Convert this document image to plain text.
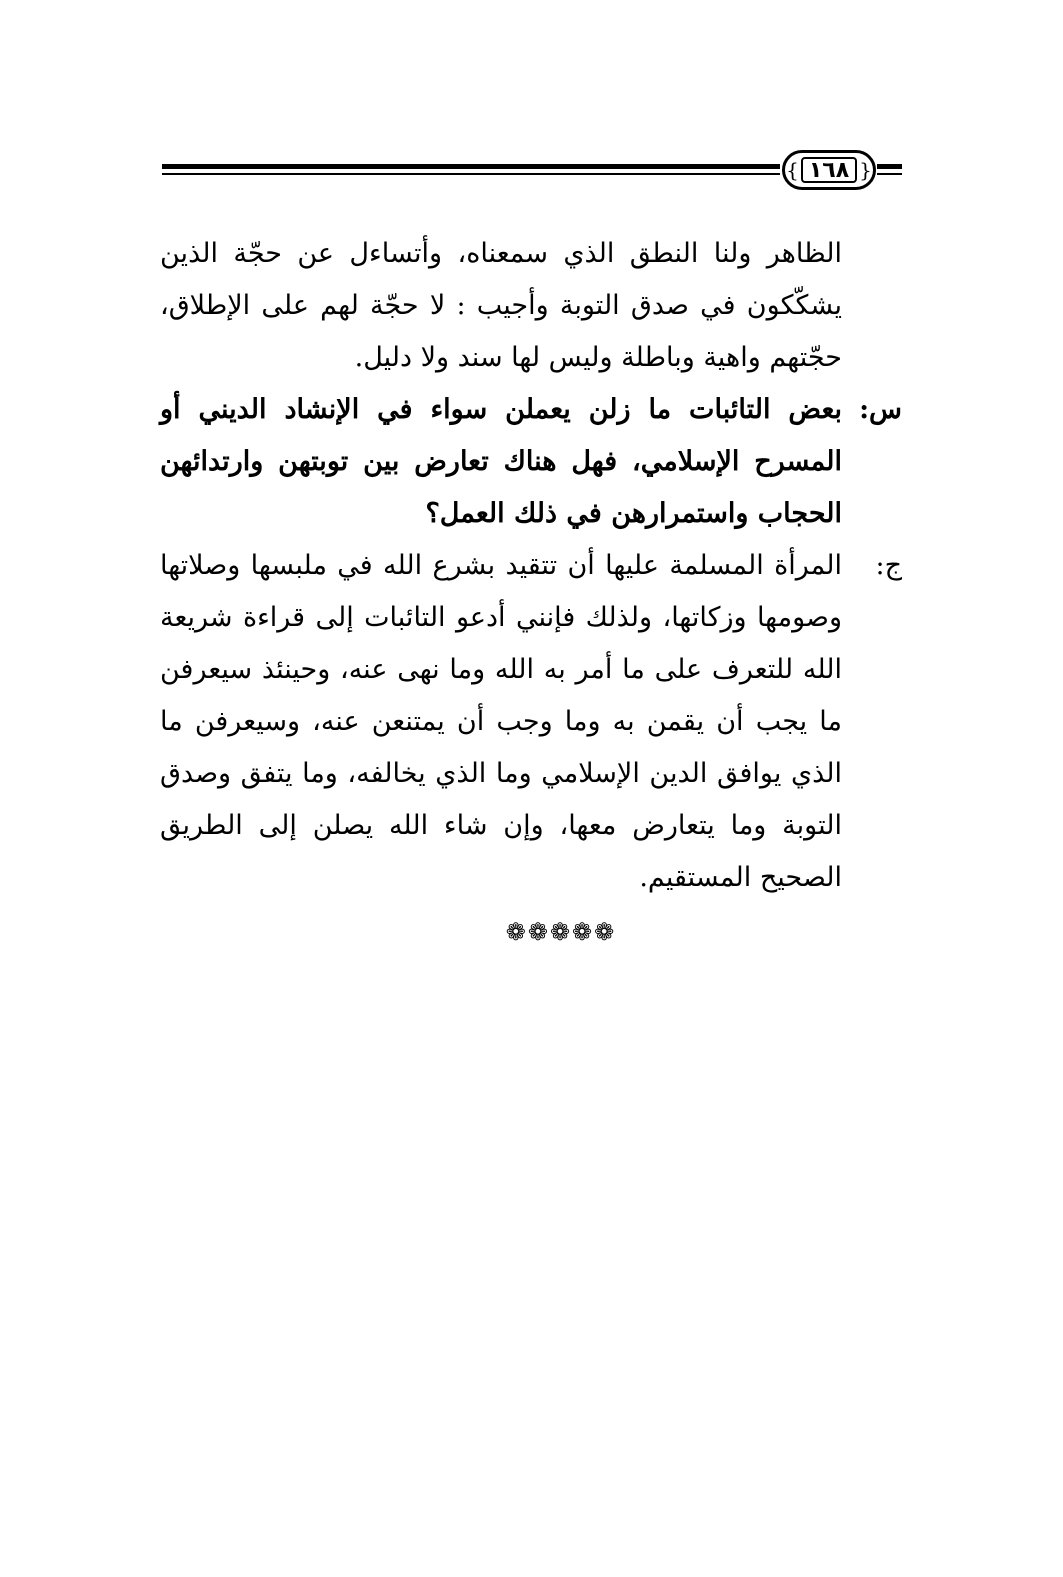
{ ١٦٨ }

الظاهر ولنا النطق الذي سمعناه، وأتساءل عن حجّة الذين يشكّكون في صدق التوبة وأجيب : لا حجّة لهم على الإطلاق، حجّتهم واهية وباطلة وليس لها سند ولا دليل.

س:

بعض التائبات ما زلن يعملن سواء في الإنشاد الديني أو المسرح الإسلامي، فهل هناك تعارض بين توبتهن وارتدائهن الحجاب واستمرارهن في ذلك العمل؟

ج:

المرأة المسلمة عليها أن تتقيد بشرع الله في ملبسها وصلاتها وصومها وزكاتها، ولذلك فإنني أدعو التائبات إلى قراءة شريعة الله للتعرف على ما أمر به الله وما نهى عنه، وحينئذ سيعرفن ما يجب أن يقمن به وما وجب أن يمتنعن عنه، وسيعرفن ما الذي يوافق الدين الإسلامي وما الذي يخالفه، وما يتفق وصدق التوبة وما يتعارض معها، وإن شاء الله يصلن إلى الطريق الصحيح المستقيم.

❁❁❁❁❁
